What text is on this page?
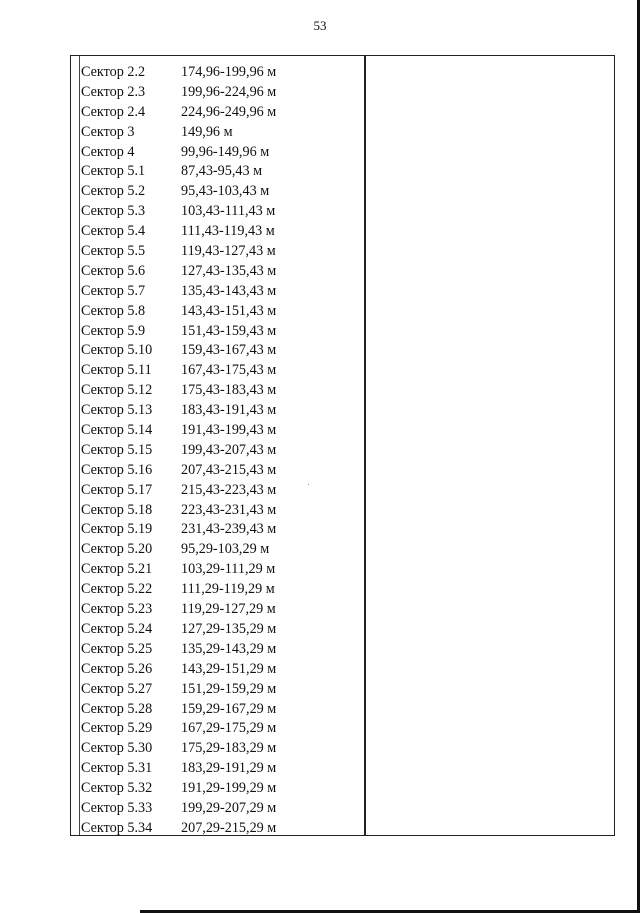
53
Сектор 2.2	174,96-199,96 м
Сектор 2.3	199,96-224,96 м
Сектор 2.4	224,96-249,96 м
Сектор 3	149,96 м
Сектор 4	99,96-149,96 м
Сектор 5.1	87,43-95,43 м
Сектор 5.2	95,43-103,43 м
Сектор 5.3	103,43-111,43 м
Сектор 5.4	111,43-119,43 м
Сектор 5.5	119,43-127,43 м
Сектор 5.6	127,43-135,43 м
Сектор 5.7	135,43-143,43 м
Сектор 5.8	143,43-151,43 м
Сектор 5.9	151,43-159,43 м
Сектор 5.10 159,43-167,43 м
Сектор 5.11 167,43-175,43 м
Сектор 5.12 175,43-183,43 м
Сектор 5.13 183,43-191,43 м
Сектор 5.14 191,43-199,43 м
Сектор 5.15 199,43-207,43 м
Сектор 5.16 207,43-215,43 м
Сектор 5.17 215,43-223,43 м
Сектор 5.18 223,43-231,43 м
Сектор 5.19 231,43-239,43 м
Сектор 5.20 95,29-103,29 м
Сектор 5.21 103,29-111,29 м
Сектор 5.22 111,29-119,29 м
Сектор 5.23 119,29-127,29 м
Сектор 5.24 127,29-135,29 м
Сектор 5.25 135,29-143,29 м
Сектор 5.26 143,29-151,29 м
Сектор 5.27 151,29-159,29 м
Сектор 5.28 159,29-167,29 м
Сектор 5.29 167,29-175,29 м
Сектор 5.30 175,29-183,29 м
Сектор 5.31 183,29-191,29 м
Сектор 5.32 191,29-199,29 м
Сектор 5.33 199,29-207,29 м
Сектор 5.34 207,29-215,29 м
